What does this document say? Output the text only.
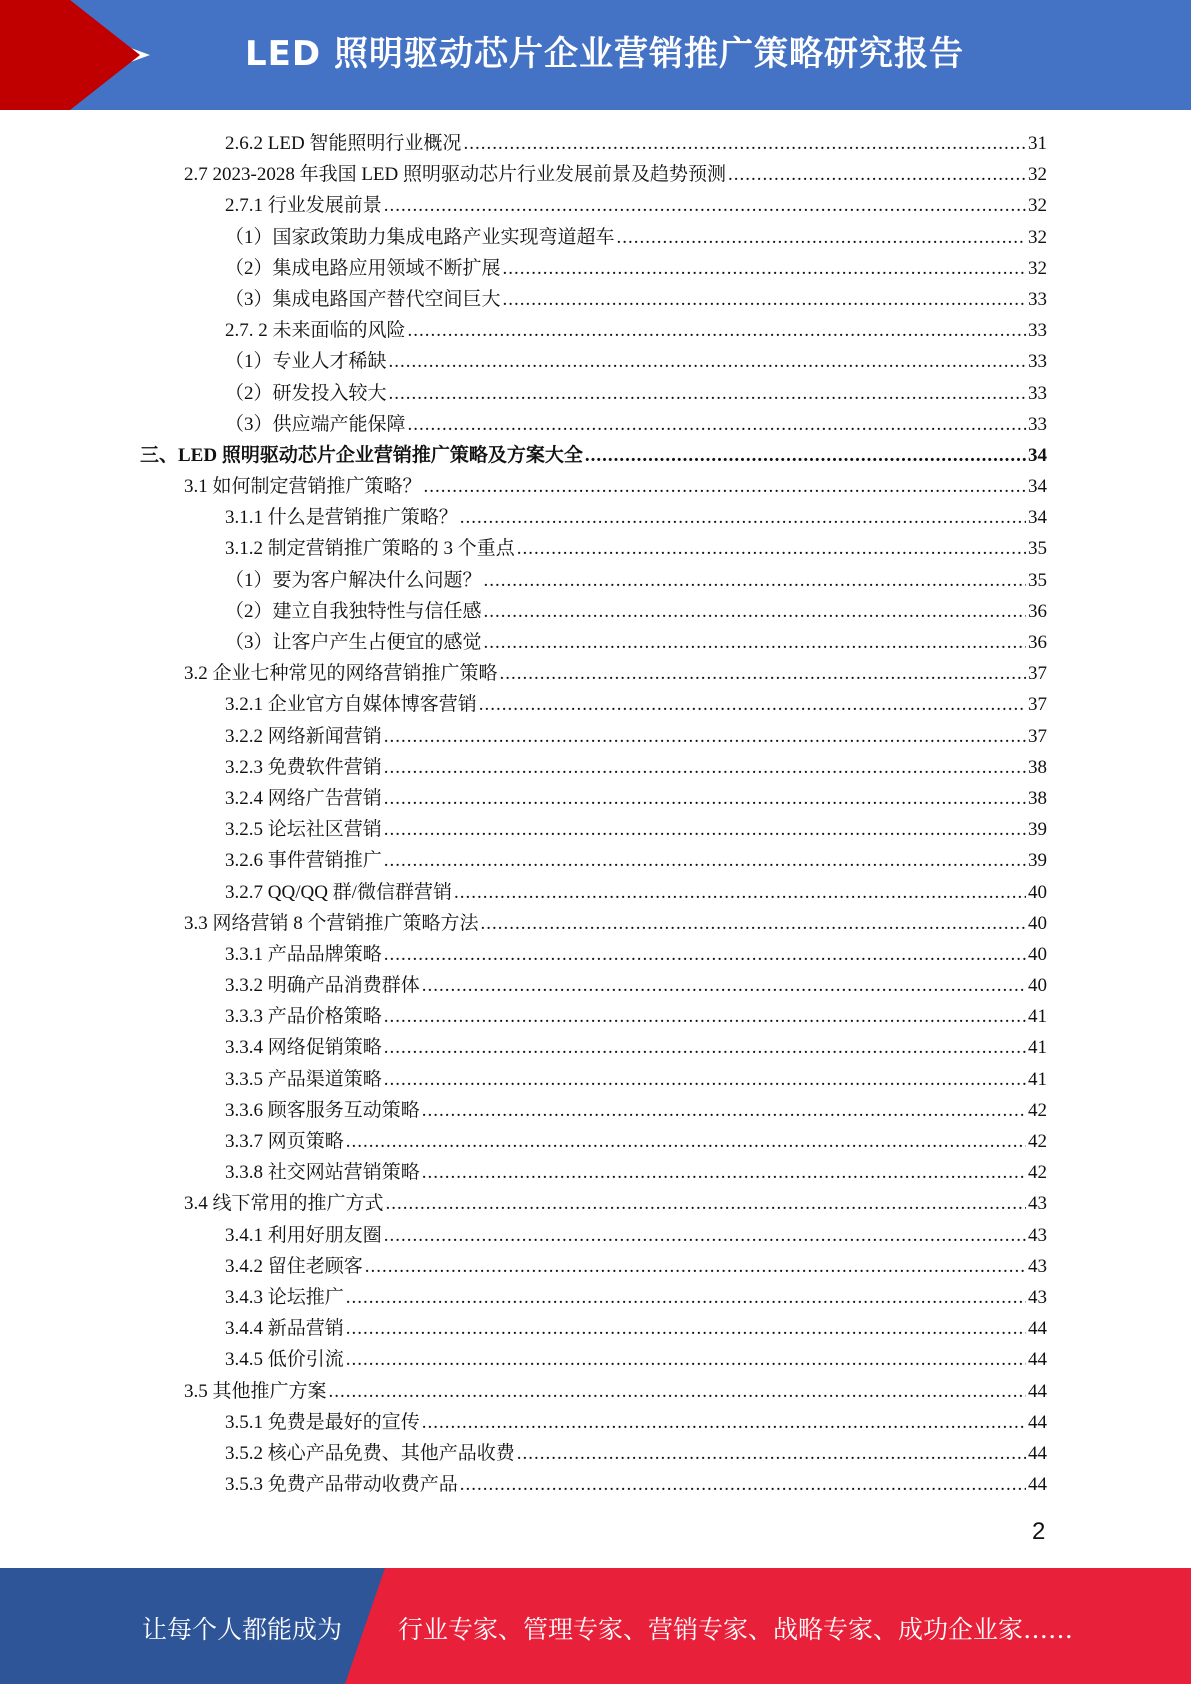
LED 照明驱动芯片企业营销推广策略研究报告
2.6.2 LED 智能照明行业概况 .....	31
2.7 2023-2028 年我国 LED 照明驱动芯片行业发展前景及趋势预测 .....	32
2.7.1 行业发展前景 .....	32
（1）国家政策助力集成电路产业实现弯道超车 .....	32
（2）集成电路应用领域不断扩展 .....	32
（3）集成电路国产替代空间巨大 .....	33
2.7. 2 未来面临的风险 .....	33
（1）专业人才稀缺 .....	33
（2）研发投入较大 .....	33
（3）供应端产能保障 .....	33
三、LED 照明驱动芯片企业营销推广策略及方案大全 .....	34
3.1 如何制定营销推广策略？ .....	34
3.1.1 什么是营销推广策略？ .....	34
3.1.2 制定营销推广策略的 3 个重点 .....	35
（1）要为客户解决什么问题？ .....	35
（2）建立自我独特性与信任感 .....	36
（3）让客户产生占便宜的感觉 .....	36
3.2 企业七种常见的网络营销推广策略 .....	37
3.2.1 企业官方自媒体博客营销 .....	37
3.2.2 网络新闻营销 .....	37
3.2.3 免费软件营销 .....	38
3.2.4 网络广告营销 .....	38
3.2.5 论坛社区营销 .....	39
3.2.6 事件营销推广 .....	39
3.2.7 QQ/QQ 群/微信群营销 .....	40
3.3 网络营销 8 个营销推广策略方法 .....	40
3.3.1 产品品牌策略 .....	40
3.3.2 明确产品消费群体 .....	40
3.3.3 产品价格策略 .....	41
3.3.4 网络促销策略 .....	41
3.3.5 产品渠道策略 .....	41
3.3.6 顾客服务互动策略 .....	42
3.3.7 网页策略 .....	42
3.3.8 社交网站营销策略 .....	42
3.4 线下常用的推广方式 .....	43
3.4.1 利用好朋友圈 .....	43
3.4.2 留住老顾客 .....	43
3.4.3 论坛推广 .....	43
3.4.4 新品营销 .....	44
3.4.5 低价引流 .....	44
3.5 其他推广方案 .....	44
3.5.1 免费是最好的宣传 .....	44
3.5.2 核心产品免费、其他产品收费 .....	44
3.5.3 免费产品带动收费产品 .....	44
2
让每个人都能成为 行业专家、管理专家、营销专家、战略专家、成功企业家……
